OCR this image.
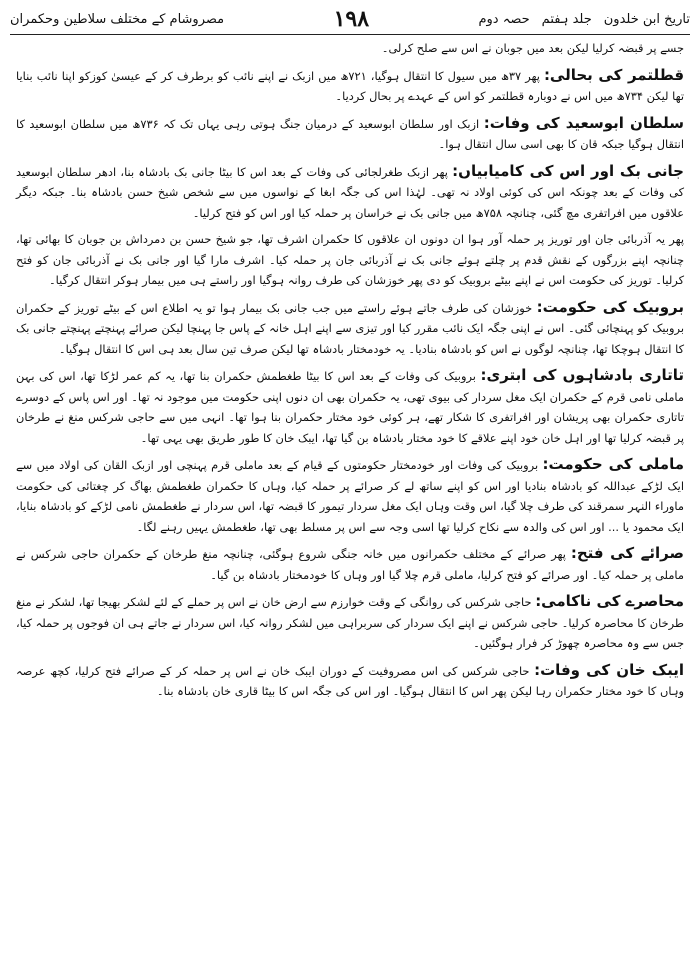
تاریخ ابن خلدون
جلد ہفتم
حصہ دوم
۱۹۸
مصروشام کے مختلف سلاطین وحکمران

جسے پر قبضہ کرلیا لیکن بعد میں جوبان نے اس سے صلح کرلی۔

قطلتمر کی بحالی: پھر ۳۷ھ میں سیول کا انتقال ہوگیا، ۷۲۱ھ میں ازبک نے اپنے نائب کو برطرف کر کے عیسیٰ کوزکو اپنا نائب بنایا تھا لیکن ۷۳۴ھ میں اس نے دوبارہ قطلتمر کو اس کے عہدے پر بحال کردیا۔

سلطان ابوسعید کی وفات: ازبک اور سلطان ابوسعید کے درمیان جنگ ہوتی رہی یہاں تک کہ ۷۳۶ھ میں سلطان ابوسعید کا انتقال ہوگیا جبکہ قان کا بھی اسی سال انتقال ہوا۔

جانی بک اور اس کی کامیابیاں: پھر ازبک طغرلجائی کی وفات کے بعد اس کا بیٹا جانی بک بادشاہ بنا، ادھر سلطان ابوسعید کی وفات کے بعد چونکہ اس کی کوئی اولاد نہ تھی۔ لہٰذا اس کی جگہ ابغا کے نواسوں میں سے شخص شیخ حسن بادشاہ بنا۔ جبکہ دیگر علاقوں میں افراتفری مچ گئی، چنانچہ ۷۵۸ھ میں جانی بک نے خراسان پر حملہ کیا اور اس کو فتح کرلیا۔

پھر یہ آذربائی جان اور توریز پر حملہ آور ہوا ان دونوں ان علاقوں کا حکمران اشرف تھا، جو شیخ حسن بن دمرداش بن جوبان کا بھائی تھا، چنانچہ اپنے بزرگوں کے نقش قدم پر چلتے ہوئے جانی بک نے آذربائی جان پر حملہ کیا۔ اشرف مارا گیا اور جانی بک نے آذربائی جان کو فتح کرلیا۔ توریز کی حکومت اس نے اپنے بیٹے بروبیک کو دی پھر خوزشان کی طرف روانہ ہوگیا اور راستے ہی میں بیمار ہوکر انتقال کرگیا۔

بروبیک کی حکومت: خوزشان کی طرف جاتے ہوئے راستے میں جب جانی بک بیمار ہوا تو یہ اطلاع اس کے بیٹے توریز کے حکمران بروبیک کو پہنچائی گئی۔ اس نے اپنی جگہ ایک نائب مقرر کیا اور تیزی سے اپنے اہل خانہ کے پاس جا پہنچا لیکن صرائے پہنچتے پہنچتے جانی بک کا انتقال ہوچکا تھا، چنانچہ لوگوں نے اس کو بادشاہ بنادیا۔ یہ خودمختار بادشاہ تھا لیکن صرف تین سال بعد ہی اس کا انتقال ہوگیا۔

تاتاری بادشاہوں کی ابتری: بروبیک کی وفات کے بعد اس کا بیٹا طغطمش حکمران بنا تھا، یہ کم عمر لڑکا تھا، اس کی بہن ماملی نامی قرم کے حکمران ایک مغل سردار کی بیوی تھی، یہ حکمران بھی ان دنوں اپنی حکومت میں موجود نہ تھا۔ اور اس پاس کے دوسرے تاتاری حکمران بھی پریشان اور افراتفری کا شکار تھے، ہر کوئی خود مختار حکمران بنا ہوا تھا۔ انہی میں سے حاجی شرکس منغ نے طرخان پر قبضہ کرلیا تھا اور اہل خان خود اپنے علاقے کا خود مختار بادشاہ بن گیا تھا، ایبک خان کا طور طریق بھی یہی تھا۔

ماملی کی حکومت: بروبیک کی وفات اور خودمختار حکومتوں کے قیام کے بعد ماملی قرم پہنچی اور ازبک القان کی اولاد میں سے ایک لڑکے عبداللہ کو بادشاہ بنادیا اور اس کو اپنے ساتھ لے کر صرائے پر حملہ کیا، وہاں کا حکمران طغطمش بھاگ کر چغتائی کی حکومت ماوراء النہر سمرقند کی طرف چلا گیا، اس وقت وہاں ایک مغل سردار تیمور کا قبضہ تھا، اس سردار نے طغطمش نامی لڑکے کو بادشاہ بنایا، ایک محمود یا ... اور اس کی والدہ سے نکاح کرلیا تھا اسی وجہ سے اس پر مسلط بھی تھا، طغطمش یہیں رہنے لگا۔

صرائے کی فتح: پھر صرائے کے مختلف حکمرانوں میں خانہ جنگی شروع ہوگئی، چنانچہ منغ طرخان کے حکمران حاجی شرکس نے ماملی پر حملہ کیا۔ اور صرائے کو فتح کرلیا، ماملی قرم چلا گیا اور وہاں کا خودمختار بادشاہ بن گیا۔

محاصرے کی ناکامی: حاجی شرکس کی روانگی کے وقت خوارزم سے ارض خان نے اس پر حملے کے لئے لشکر بھیجا تھا، لشکر نے منغ طرخان کا محاصرہ کرلیا۔ حاجی شرکس نے اپنے ایک سردار کی سربراہی میں لشکر روانہ کیا، اس سردار نے جاتے ہی ان فوجوں پر حملہ کیا، جس سے وہ محاصرہ چھوڑ کر فرار ہوگئیں۔

ایبک خان کی وفات: حاجی شرکس کی اس مصروفیت کے دوران ایبک خان نے اس پر حملہ کر کے صرائے فتح کرلیا، کچھ عرصہ وہاں کا خود مختار حکمران رہا لیکن پھر اس کا انتقال ہوگیا۔ اور اس کی جگہ اس کا بیٹا قاری خان بادشاہ بنا۔
